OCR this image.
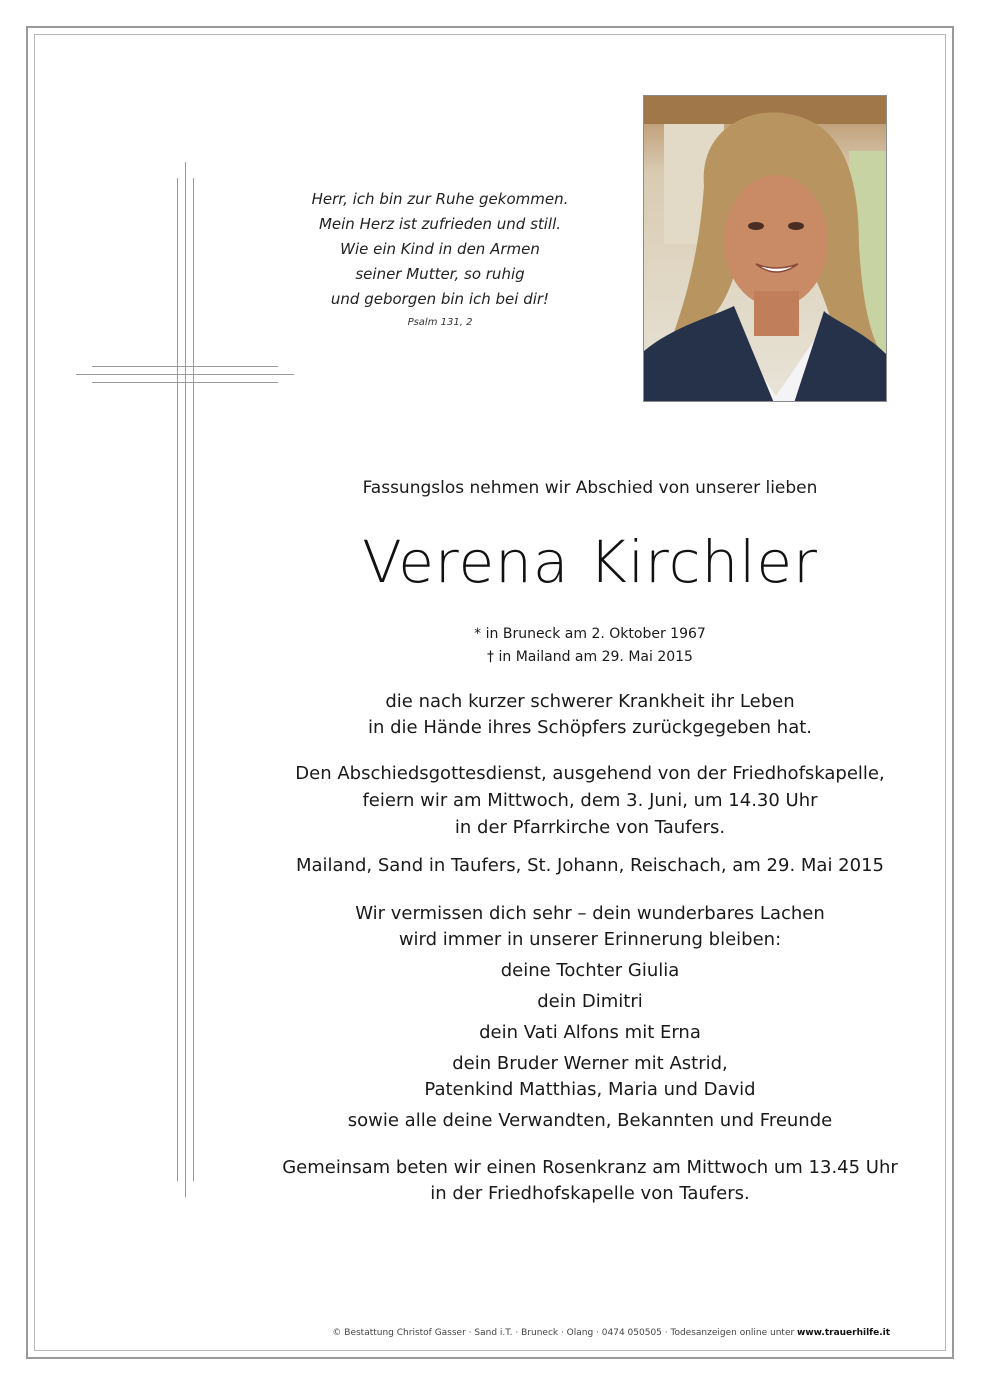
Herr, ich bin zur Ruhe gekommen.
Mein Herz ist zufrieden und still.
Wie ein Kind in den Armen
seiner Mutter, so ruhig
und geborgen bin ich bei dir!
Psalm 131, 2
Fassungslos nehmen wir Abschied von unserer lieben
Verena Kirchler
* in Bruneck am 2. Oktober 1967
† in Mailand am 29. Mai 2015
die nach kurzer schwerer Krankheit ihr Leben
in die Hände ihres Schöpfers zurückgegeben hat.
Den Abschiedsgottesdienst, ausgehend von der Friedhofskapelle,
feiern wir am Mittwoch, dem 3. Juni, um 14.30 Uhr
in der Pfarrkirche von Taufers.
Mailand, Sand in Taufers, St. Johann, Reischach, am 29. Mai 2015
Wir vermissen dich sehr – dein wunderbares Lachen
wird immer in unserer Erinnerung bleiben:
deine Tochter Giulia
dein Dimitri
dein Vati Alfons mit Erna
dein Bruder Werner mit Astrid,
Patenkind Matthias, Maria und David
sowie alle deine Verwandten, Bekannten und Freunde
Gemeinsam beten wir einen Rosenkranz am Mittwoch um 13.45 Uhr
in der Friedhofskapelle von Taufers.
© Bestattung Christof Gasser · Sand i.T. · Bruneck · Olang · 0474 050505 · Todesanzeigen online unter www.trauerhilfe.it
